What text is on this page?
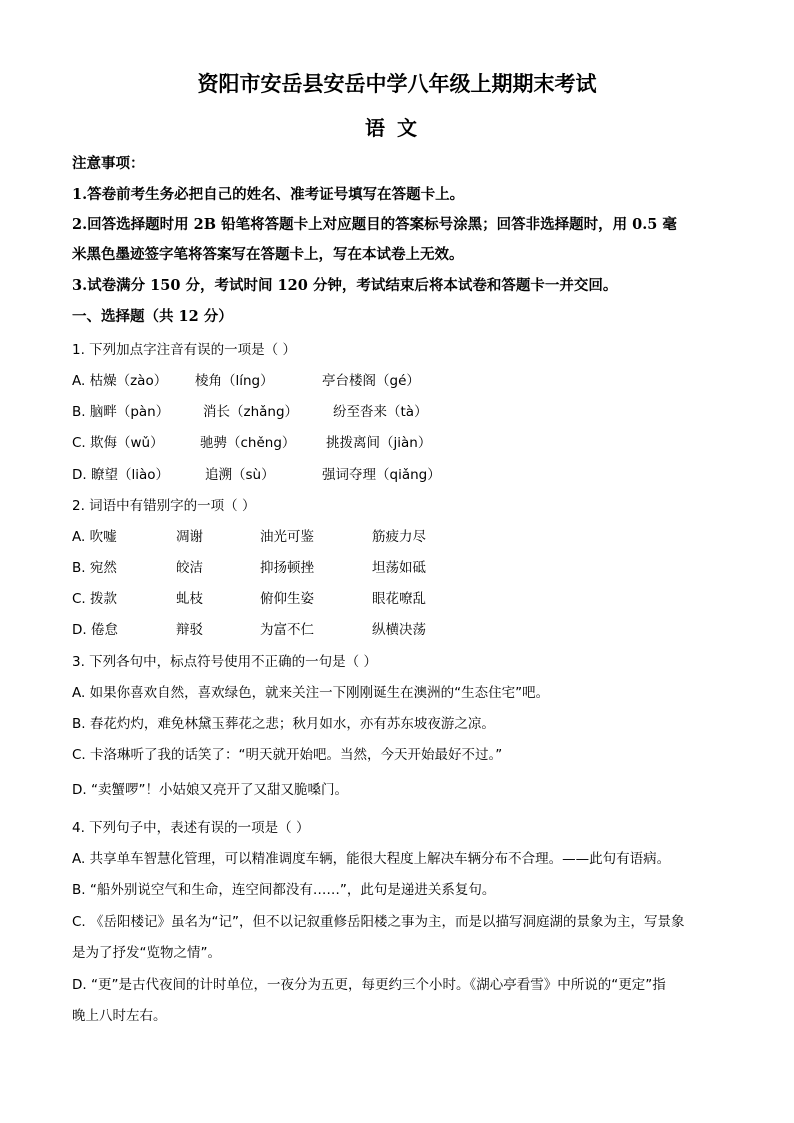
资阳市安岳县安岳中学八年级上期期末考试
语文
注意事项：
1.答卷前考生务必把自己的姓名、准考证号填写在答题卡上。
2.回答选择题时用 2B 铅笔将答题卡上对应题目的答案标号涂黑；回答非选择题时，用 0.5 毫
米黑色墨迹签字笔将答案写在答题卡上，写在本试卷上无效。
3.试卷满分 150 分，考试时间 120 分钟，考试结束后将本试卷和答题卡一并交回。
一、选择题（共 12 分）
1. 下列加点字注音有误的一项是（ ）
A. 枯燥（zào） 棱角（líng）	亭台楼阁（gé）
B. 脑畔（pàn）	消长（zhǎng）	纷至沓来（tà）
C. 欺侮（wǔ）	驰骋（chěng） 挑拨离间（jiàn）
D. 瞭望（liào）	追溯（sù）	强词夺理（qiǎng）
2. 词语中有错别字的一项（ ）
A. 吹嘘	凋谢	油光可鉴	筋疲力尽
B. 宛然	皎洁	抑扬顿挫	坦荡如砥
C. 拨款	虬枝	俯仰生姿	眼花嘹乱
D. 倦怠	辩驳	为富不仁	纵横决荡
3. 下列各句中，标点符号使用不正确的一句是（ ）
A. 如果你喜欢自然，喜欢绿色，就来关注一下刚刚诞生在澳洲的“生态住宅”吧。
B. 春花灼灼，难免林黛玉葬花之悲；秋月如水，亦有苏东坡夜游之凉。
C. 卡洛琳听了我的话笑了：“明天就开始吧。当然，今天开始最好不过。”
D. “卖蟹啰”！小姑娘又亮开了又甜又脆嗓门。
4. 下列句子中，表述有误的一项是（ ）
A. 共享单车智慧化管理，可以精准调度车辆，能很大程度上解决车辆分布不合理。——此句有语病。
B. “船外别说空气和生命，连空间都没有……”，此句是递进关系复句。
C. 《岳阳楼记》虽名为“记”，但不以记叙重修岳阳楼之事为主，而是以描写洞庭湖的景象为主，写景象
是为了抒发“览物之情”。
D. “更”是古代夜间的计时单位，一夜分为五更，每更约三个小时。《湖心亭看雪》中所说的“更定”指
晚上八时左右。
